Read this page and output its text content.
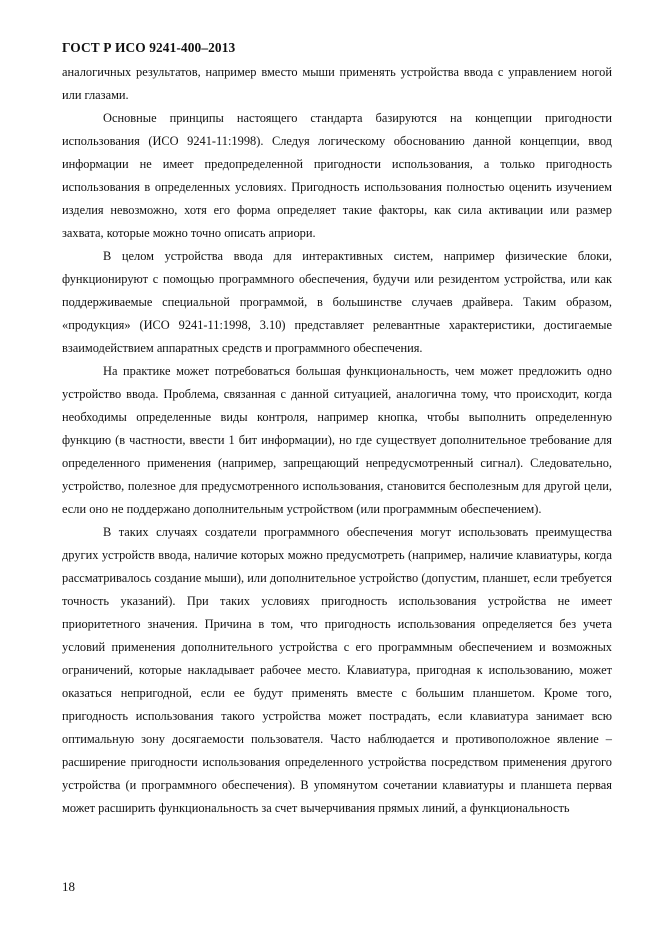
ГОСТ Р ИСО 9241-400–2013

аналогичных результатов, например вместо мыши применять устройства ввода с управлением ногой или глазами.

Основные принципы настоящего стандарта базируются на концепции пригодности использования (ИСО 9241-11:1998). Следуя логическому обоснованию данной концепции, ввод информации не имеет предопределенной пригодности использования, а только пригодность использования в определенных условиях. Пригодность использования полностью оценить изучением изделия невозможно, хотя его форма определяет такие факторы, как сила активации или размер захвата, которые можно точно описать априори.

В целом устройства ввода для интерактивных систем, например физические блоки, функционируют с помощью программного обеспечения, будучи или резидентом устройства, или как поддерживаемые специальной программой, в большинстве случаев драйвера. Таким образом, «продукция» (ИСО 9241-11:1998, 3.10) представляет релевантные характеристики, достигаемые взаимодействием аппаратных средств и программного обеспечения.

На практике может потребоваться большая функциональность, чем может предложить одно устройство ввода. Проблема, связанная с данной ситуацией, аналогична тому, что происходит, когда необходимы определенные виды контроля, например кнопка, чтобы выполнить определенную функцию (в частности, ввести 1 бит информации), но где существует дополнительное требование для определенного применения (например, запрещающий непредусмотренный сигнал). Следовательно, устройство, полезное для предусмотренного использования, становится бесполезным для другой цели, если оно не поддержано дополнительным устройством (или программным обеспечением).

В таких случаях создатели программного обеспечения могут использовать преимущества других устройств ввода, наличие которых можно предусмотреть (например, наличие клавиатуры, когда рассматривалось создание мыши), или дополнительное устройство (допустим, планшет, если требуется точность указаний). При таких условиях пригодность использования устройства не имеет приоритетного значения. Причина в том, что пригодность использования определяется без учета условий применения дополнительного устройства с его программным обеспечением и возможных ограничений, которые накладывает рабочее место. Клавиатура, пригодная к использованию, может оказаться непригодной, если ее будут применять вместе с большим планшетом. Кроме того, пригодность использования такого устройства может пострадать, если клавиатура занимает всю оптимальную зону досягаемости пользователя. Часто наблюдается и противоположное явление – расширение пригодности использования определенного устройства посредством применения другого устройства (и программного обеспечения). В упомянутом сочетании клавиатуры и планшета первая может расширить функциональность за счет вычерчивания прямых линий, а функциональность

18
